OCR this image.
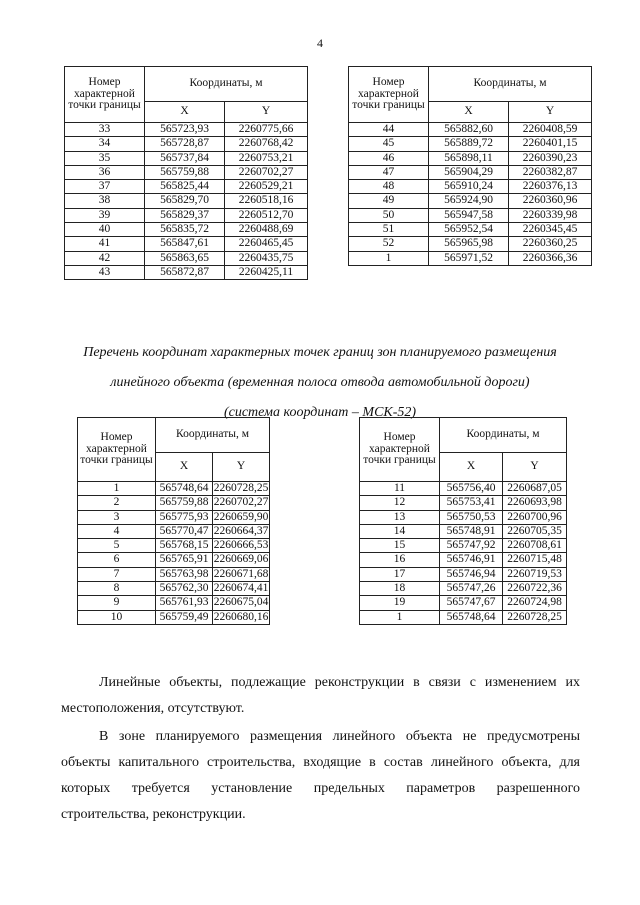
4
Номер характерной точки границы	Координаты, м	
	X	Y
33	565723,93	2260775,66
34	565728,87	2260768,42
35	565737,84	2260753,21
36	565759,88	2260702,27
37	565825,44	2260529,21
38	565829,70	2260518,16
39	565829,37	2260512,70
40	565835,72	2260488,69
41	565847,61	2260465,45
42	565863,65	2260435,75
43	565872,87	2260425,11
Номер характерной точки границы	Координаты, м	
	X	Y
44	565882,60	2260408,59
45	565889,72	2260401,15
46	565898,11	2260390,23
47	565904,29	2260382,87
48	565910,24	2260376,13
49	565924,90	2260360,96
50	565947,58	2260339,98
51	565952,54	2260345,45
52	565965,98	2260360,25
1	565971,52	2260366,36
Перечень координат характерных точек границ зон планируемого размещения
линейного объекта (временная полоса отвода автомобильной дороги)
(система координат – МСК-52)
Номер характерной точки границы	Координаты, м	
	X	Y
1	565748,64	2260728,25
2	565759,88	2260702,27
3	565775,93	2260659,90
4	565770,47	2260664,37
5	565768,15	2260666,53
6	565765,91	2260669,06
7	565763,98	2260671,68
8	565762,30	2260674,41
9	565761,93	2260675,04
10	565759,49	2260680,16
Номер характерной точки границы	Координаты, м	
	X	Y
11	565756,40	2260687,05
12	565753,41	2260693,98
13	565750,53	2260700,96
14	565748,91	2260705,35
15	565747,92	2260708,61
16	565746,91	2260715,48
17	565746,94	2260719,53
18	565747,26	2260722,36
19	565747,67	2260724,98
1	565748,64	2260728,25
Линейные объекты, подлежащие реконструкции в связи с изменением их местоположения, отсутствуют.
В зоне планируемого размещения линейного объекта не предусмотрены объекты капитального строительства, входящие в состав линейного объекта, для которых требуется установление предельных параметров разрешенного
строительства, реконструкции.
